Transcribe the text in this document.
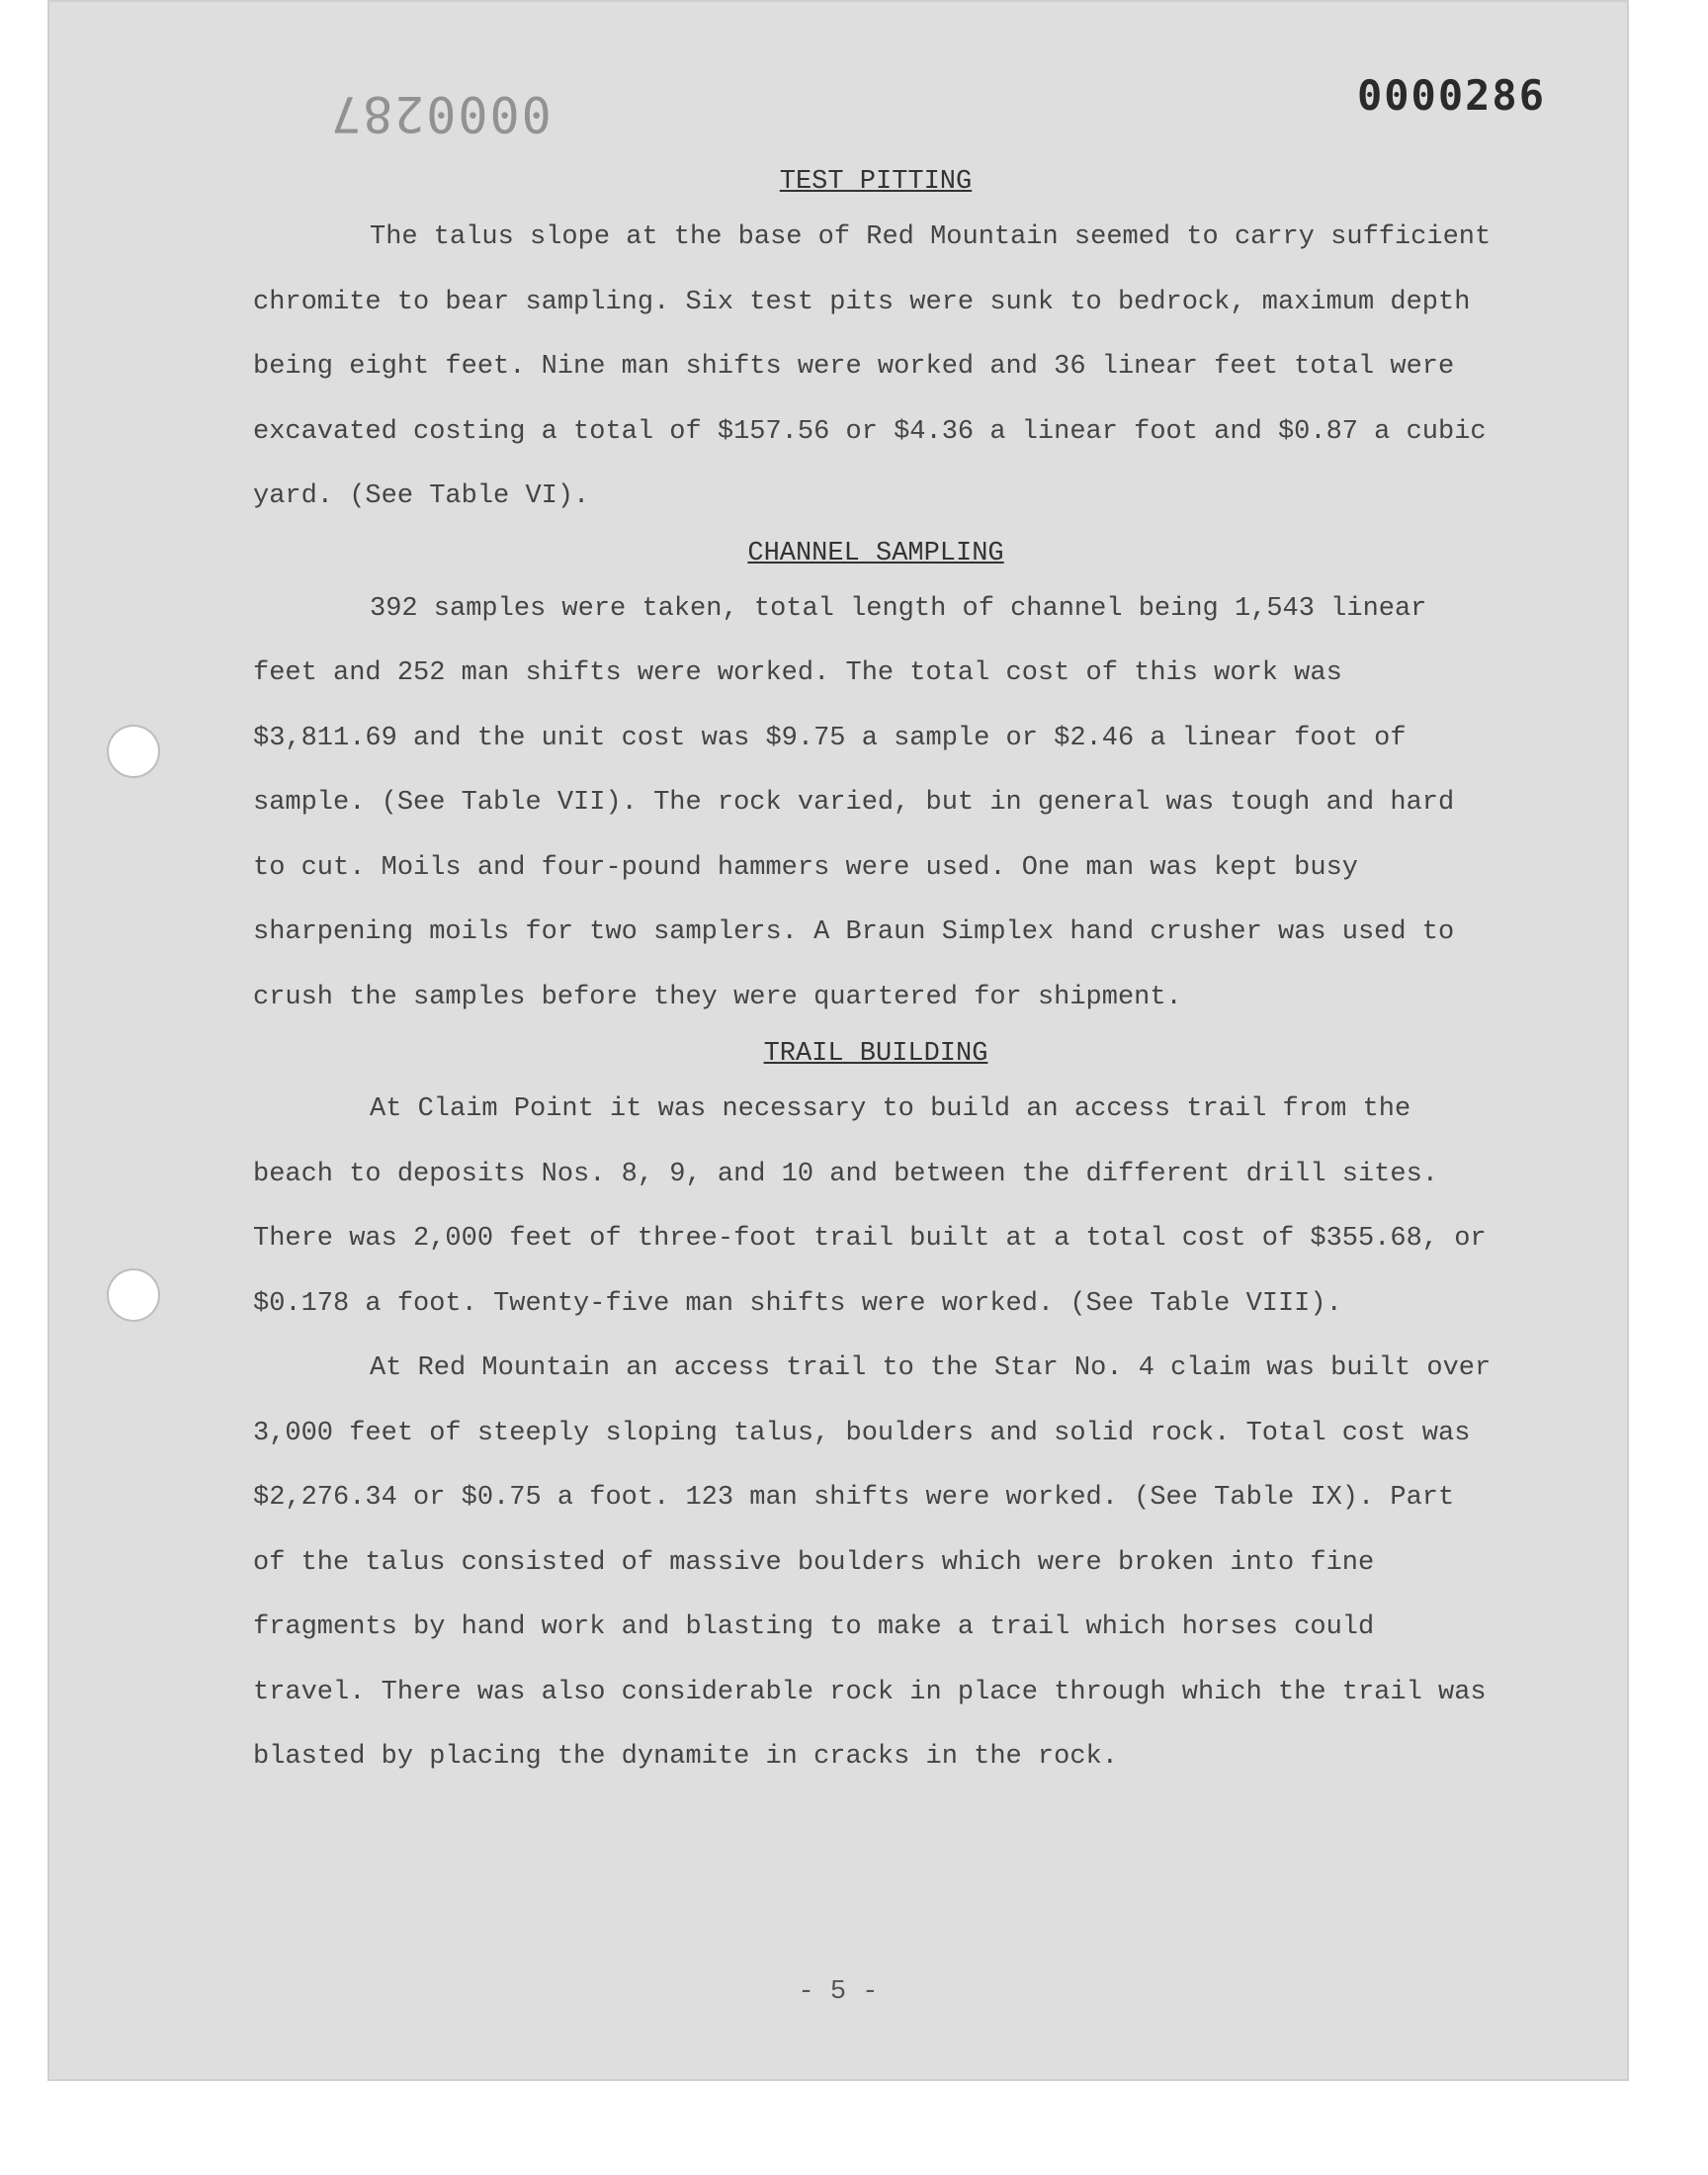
0000287	0000286
TEST PITTING

The talus slope at the base of Red Mountain seemed to carry sufficient chromite to bear sampling. Six test pits were sunk to bedrock, maximum depth being eight feet. Nine man shifts were worked and 36 linear feet total were excavated costing a total of $157.56 or $4.36 a linear foot and $0.87 a cubic yard. (See Table VI).

CHANNEL SAMPLING

392 samples were taken, total length of channel being 1,543 linear feet and 252 man shifts were worked. The total cost of this work was $3,811.69 and the unit cost was $9.75 a sample or $2.46 a linear foot of sample. (See Table VII). The rock varied, but in general was tough and hard to cut. Moils and four-pound hammers were used. One man was kept busy sharpening moils for two samplers. A Braun Simplex hand crusher was used to crush the samples before they were quartered for shipment.

TRAIL BUILDING

At Claim Point it was necessary to build an access trail from the beach to deposits Nos. 8, 9, and 10 and between the different drill sites. There was 2,000 feet of three-foot trail built at a total cost of $355.68, or $0.178 a foot. Twenty-five man shifts were worked. (See Table VIII).

At Red Mountain an access trail to the Star No. 4 claim was built over 3,000 feet of steeply sloping talus, boulders and solid rock. Total cost was $2,276.34 or $0.75 a foot. 123 man shifts were worked. (See Table IX). Part of the talus consisted of massive boulders which were broken into fine fragments by hand work and blasting to make a trail which horses could travel. There was also considerable rock in place through which the trail was blasted by placing the dynamite in cracks in the rock.

- 5 -
